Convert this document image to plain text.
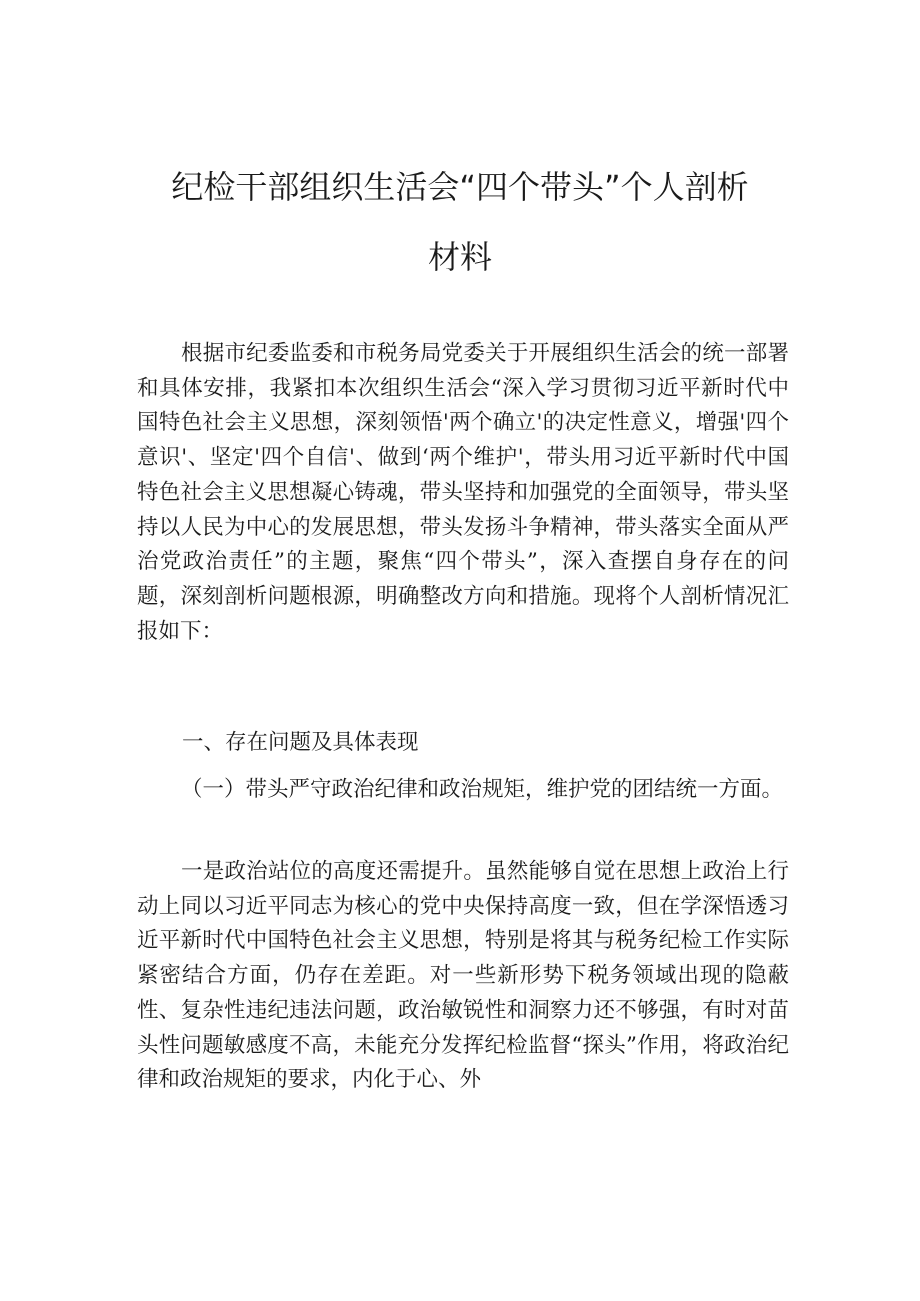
纪检干部组织生活会“四个带头”个人剖析
材料

根据市纪委监委和市税务局党委关于开展组织生活会的统一部署和具体安排，我紧扣本次组织生活会“深入学习贯彻习近平新时代中国特色社会主义思想，深刻领悟'两个确立'的决定性意义，增强'四个意识'、坚定'四个自信'、做到‘两个维护'，带头用习近平新时代中国特色社会主义思想凝心铸魂，带头坚持和加强党的全面领导，带头坚持以人民为中心的发展思想，带头发扬斗争精神，带头落实全面从严治党政治责任”的主题，聚焦“四个带头”，深入查摆自身存在的问题，深刻剖析问题根源，明确整改方向和措施。现将个人剖析情况汇报如下：

一、存在问题及具体表现

（一）带头严守政治纪律和政治规矩，维护党的团结统一方面。

一是政治站位的高度还需提升。虽然能够自觉在思想上政治上行动上同以习近平同志为核心的党中央保持高度一致，但在学深悟透习近平新时代中国特色社会主义思想，特别是将其与税务纪检工作实际紧密结合方面，仍存在差距。对一些新形势下税务领域出现的隐蔽性、复杂性违纪违法问题，政治敏锐性和洞察力还不够强，有时对苗头性问题敏感度不高，未能充分发挥纪检监督“探头”作用，将政治纪律和政治规矩的要求，内化于心、外
